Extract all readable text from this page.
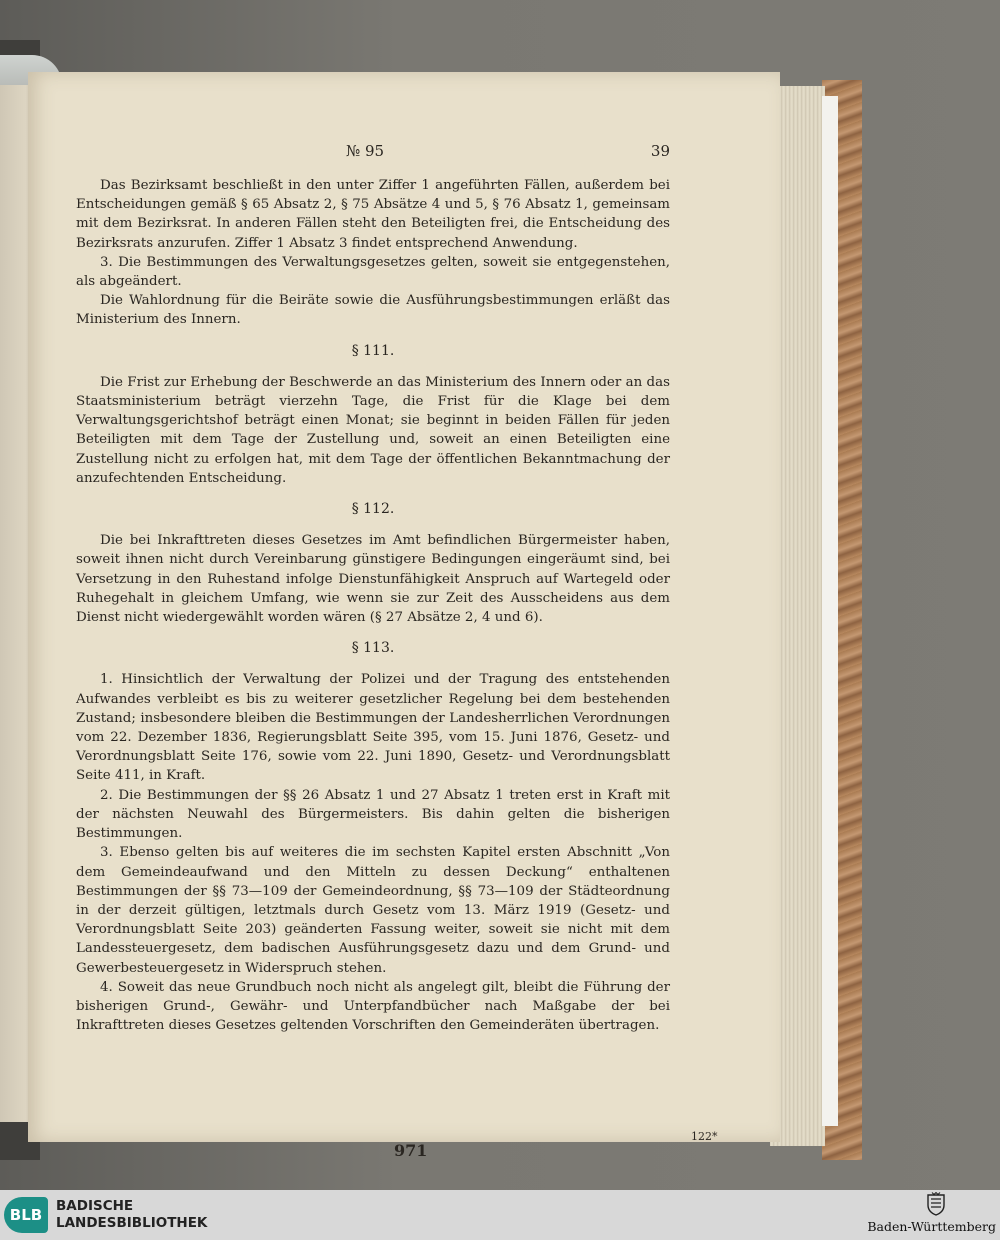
№ 95	39

Das Bezirksamt beschließt in den unter Ziffer 1 angeführten Fällen, außerdem bei Entscheidungen gemäß § 65 Absatz 2, § 75 Absätze 4 und 5, § 76 Absatz 1, gemeinsam mit dem Bezirksrat. In anderen Fällen steht den Beteiligten frei, die Entscheidung des Bezirksrats anzurufen. Ziffer 1 Absatz 3 findet entsprechend Anwendung.

3. Die Bestimmungen des Verwaltungsgesetzes gelten, soweit sie entgegenstehen, als abgeändert.

Die Wahlordnung für die Beiräte sowie die Ausführungsbestimmungen erläßt das Ministerium des Innern.

§ 111.

Die Frist zur Erhebung der Beschwerde an das Ministerium des Innern oder an das Staatsministerium beträgt vierzehn Tage, die Frist für die Klage bei dem Verwaltungsgerichtshof beträgt einen Monat; sie beginnt in beiden Fällen für jeden Beteiligten mit dem Tage der Zustellung und, soweit an einen Beteiligten eine Zustellung nicht zu erfolgen hat, mit dem Tage der öffentlichen Bekanntmachung der anzufechtenden Entscheidung.

§ 112.

Die bei Inkrafttreten dieses Gesetzes im Amt befindlichen Bürgermeister haben, soweit ihnen nicht durch Vereinbarung günstigere Bedingungen eingeräumt sind, bei Versetzung in den Ruhestand infolge Dienstunfähigkeit Anspruch auf Wartegeld oder Ruhegehalt in gleichem Umfang, wie wenn sie zur Zeit des Ausscheidens aus dem Dienst nicht wiedergewählt worden wären (§ 27 Absätze 2, 4 und 6).

§ 113.

1. Hinsichtlich der Verwaltung der Polizei und der Tragung des entstehenden Aufwandes verbleibt es bis zu weiterer gesetzlicher Regelung bei dem bestehenden Zustand; insbesondere bleiben die Bestimmungen der Landesherrlichen Verordnungen vom 22. Dezember 1836, Regierungsblatt Seite 395, vom 15. Juni 1876, Gesetz- und Verordnungsblatt Seite 176, sowie vom 22. Juni 1890, Gesetz- und Verordnungsblatt Seite 411, in Kraft.

2. Die Bestimmungen der §§ 26 Absatz 1 und 27 Absatz 1 treten erst in Kraft mit der nächsten Neuwahl des Bürgermeisters. Bis dahin gelten die bisherigen Bestimmungen.

3. Ebenso gelten bis auf weiteres die im sechsten Kapitel ersten Abschnitt „Von dem Gemeindeaufwand und den Mitteln zu dessen Deckung“ enthaltenen Bestimmungen der §§ 73—109 der Gemeindeordnung, §§ 73—109 der Städteordnung in der derzeit gültigen, letztmals durch Gesetz vom 13. März 1919 (Gesetz- und Verordnungsblatt Seite 203) geänderten Fassung weiter, soweit sie nicht mit dem Landessteuergesetz, dem badischen Ausführungsgesetz dazu und dem Grund- und Gewerbesteuergesetz in Widerspruch stehen.

4. Soweit das neue Grundbuch noch nicht als angelegt gilt, bleibt die Führung der bisherigen Grund-, Gewähr- und Unterpfandbücher nach Maßgabe der bei Inkrafttreten dieses Gesetzes geltenden Vorschriften den Gemeinderäten übertragen.

122*
971
BLB	BADISCHE
LANDESBIBLIOTHEK	Baden-Württemberg
